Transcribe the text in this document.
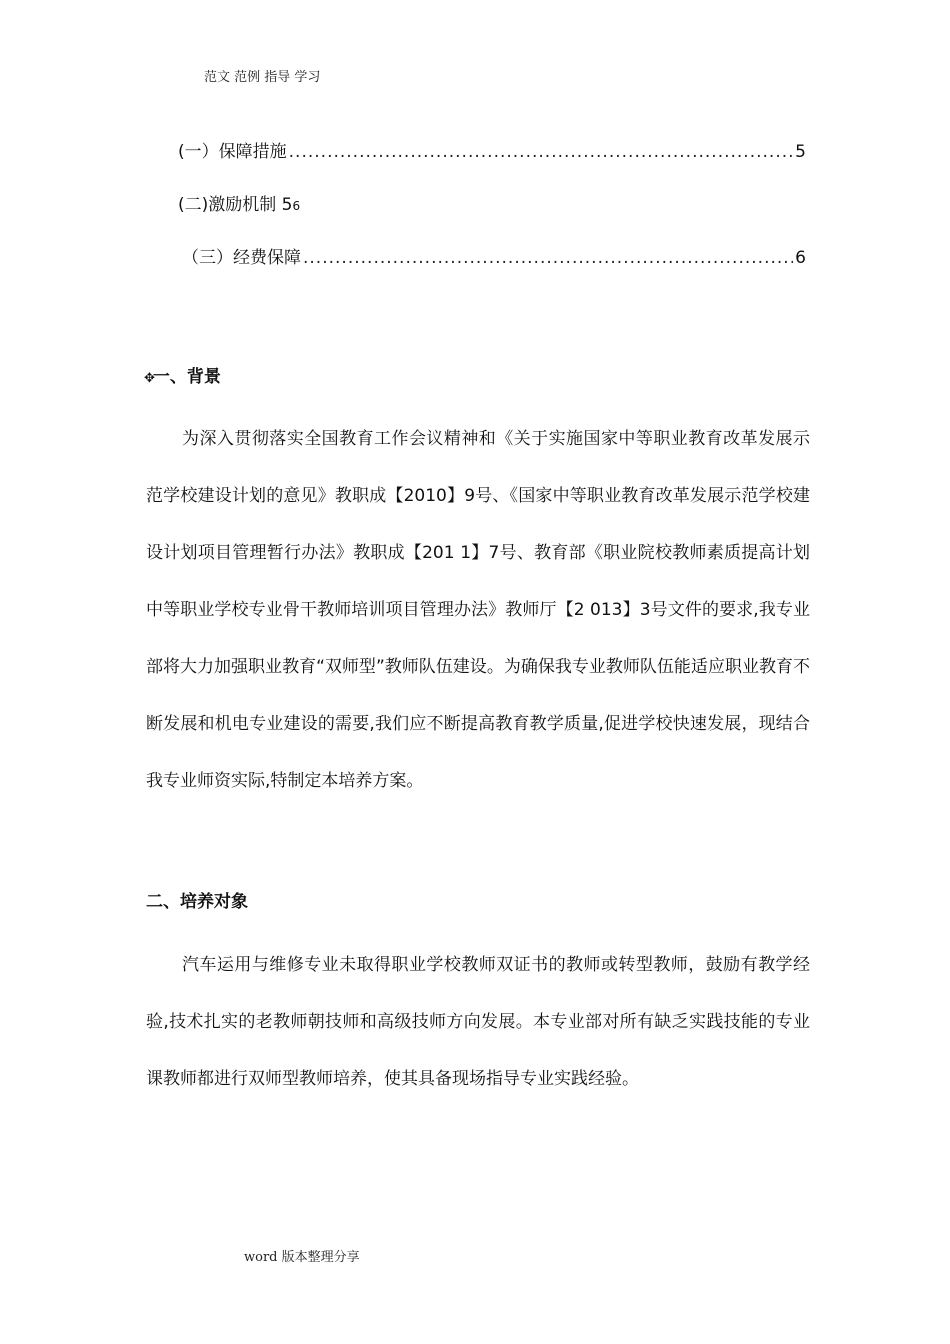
范文 范例 指导 学习
(一）保障措施 .....	5
(二)激励机制 5 6
（三）经费保障 .....	6
✥一、背景

为深入贯彻落实全国教育工作会议精神和《关于实施国家中等职业教育改革发展示范学校建设计划的意见》教职成【2010】9号、《国家中等职业教育改革发展示范学校建设计划项目管理暂行办法》教职成【201 1】7号、教育部《职业院校教师素质提高计划中等职业学校专业骨干教师培训项目管理办法》教师厅【2 013】3号文件的要求,我专业部将大力加强职业教育“双师型”教师队伍建设。为确保我专业教师队伍能适应职业教育不断发展和机电专业建设的需要,我们应不断提高教育教学质量,促进学校快速发展，现结合我专业师资实际,特制定本培养方案。

二、培养对象

汽车运用与维修专业未取得职业学校教师双证书的教师或转型教师，鼓励有教学经验,技术扎实的老教师朝技师和高级技师方向发展。本专业部对所有缺乏实践技能的专业课教师都进行双师型教师培养，使其具备现场指导专业实践经验。

word 版本整理分享
